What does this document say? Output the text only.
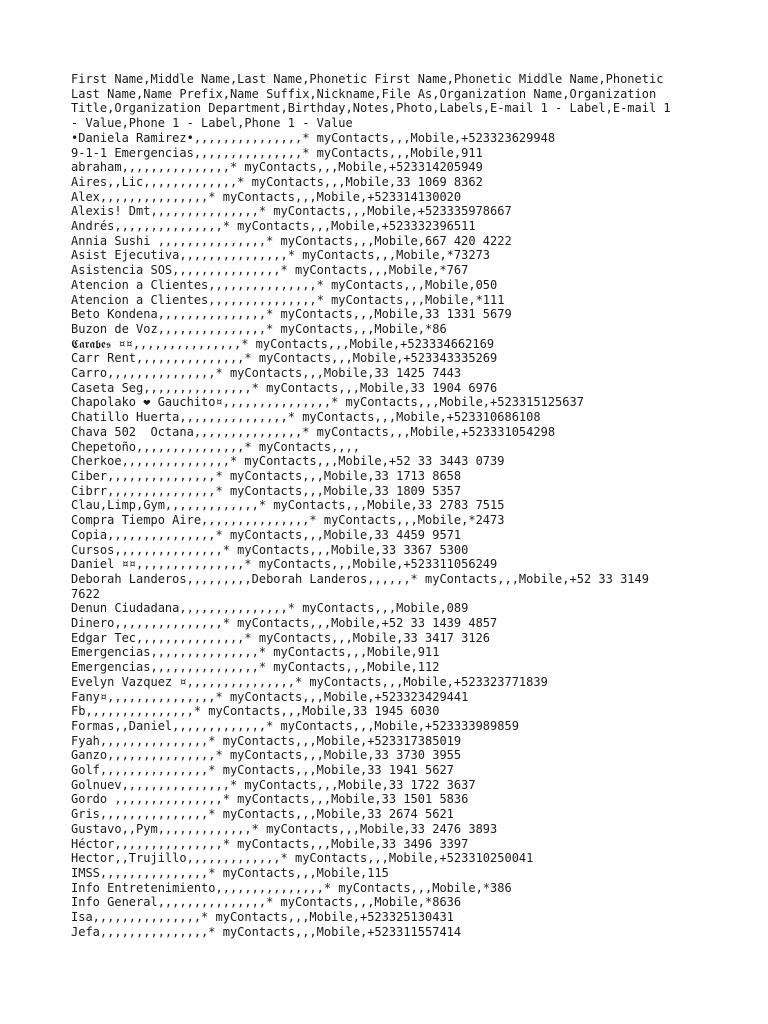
First Name,Middle Name,Last Name,Phonetic First Name,Phonetic Middle Name,Phonetic
Last Name,Name Prefix,Name Suffix,Nickname,File As,Organization Name,Organization
Title,Organization Department,Birthday,Notes,Photo,Labels,E-mail 1 - Label,E-mail 1
- Value,Phone 1 - Label,Phone 1 - Value
•Daniela Ramirez•,,,,,,,,,,,,,,,* myContacts,,,Mobile,+523323629948
9-1-1 Emergencias,,,,,,,,,,,,,,,* myContacts,,,Mobile,911
abraham,,,,,,,,,,,,,,,* myContacts,,,Mobile,+523314205949
Aires,,Lic,,,,,,,,,,,,,* myContacts,,,Mobile,33 1069 8362
Alex,,,,,,,,,,,,,,,* myContacts,,,Mobile,+523314130020
Alexis! Dmt,,,,,,,,,,,,,,,* myContacts,,,Mobile,+523335978667
Andrés,,,,,,,,,,,,,,,* myContacts,,,Mobile,+523332396511
Annia Sushi ,,,,,,,,,,,,,,,* myContacts,,,Mobile,667 420 4222
Asist Ejecutiva,,,,,,,,,,,,,,,* myContacts,,,Mobile,*73273
Asistencia SOS,,,,,,,,,,,,,,,* myContacts,,,Mobile,*767
Atencion a Clientes,,,,,,,,,,,,,,,* myContacts,,,Mobile,050
Atencion a Clientes,,,,,,,,,,,,,,,* myContacts,,,Mobile,*111
Beto Kondena,,,,,,,,,,,,,,,* myContacts,,,Mobile,33 1331 5679
Buzon de Voz,,,,,,,,,,,,,,,* myContacts,,,Mobile,*86
𝕮𝖆𝖗𝖆𝖇𝖊𝖘 ¤¤,,,,,,,,,,,,,,,* myContacts,,,Mobile,+523334662169
Carr Rent,,,,,,,,,,,,,,,* myContacts,,,Mobile,+523343335269
Carro,,,,,,,,,,,,,,,* myContacts,,,Mobile,33 1425 7443
Caseta Seg,,,,,,,,,,,,,,,* myContacts,,,Mobile,33 1904 6976
Chapolako ❤ Gauchito¤,,,,,,,,,,,,,,,* myContacts,,,Mobile,+523315125637
Chatillo Huerta,,,,,,,,,,,,,,,* myContacts,,,Mobile,+523310686108
Chava 502  Octana,,,,,,,,,,,,,,,* myContacts,,,Mobile,+523331054298
Chepetoño,,,,,,,,,,,,,,,* myContacts,,,,
Cherkoe,,,,,,,,,,,,,,,* myContacts,,,Mobile,+52 33 3443 0739
Ciber,,,,,,,,,,,,,,,* myContacts,,,Mobile,33 1713 8658
Cibrr,,,,,,,,,,,,,,,* myContacts,,,Mobile,33 1809 5357
Clau,Limp,Gym,,,,,,,,,,,,,* myContacts,,,Mobile,33 2783 7515
Compra Tiempo Aire,,,,,,,,,,,,,,,* myContacts,,,Mobile,*2473
Copia,,,,,,,,,,,,,,,* myContacts,,,Mobile,33 4459 9571
Cursos,,,,,,,,,,,,,,,* myContacts,,,Mobile,33 3367 5300
Daniel ¤¤,,,,,,,,,,,,,,,* myContacts,,,Mobile,+523311056249
Deborah Landeros,,,,,,,,,Deborah Landeros,,,,,,* myContacts,,,Mobile,+52 33 3149
7622
Denun Ciudadana,,,,,,,,,,,,,,,* myContacts,,,Mobile,089
Dinero,,,,,,,,,,,,,,,* myContacts,,,Mobile,+52 33 1439 4857
Edgar Tec,,,,,,,,,,,,,,,* myContacts,,,Mobile,33 3417 3126
Emergencias,,,,,,,,,,,,,,,* myContacts,,,Mobile,911
Emergencias,,,,,,,,,,,,,,,* myContacts,,,Mobile,112
Evelyn Vazquez ¤,,,,,,,,,,,,,,,* myContacts,,,Mobile,+523323771839
Fany¤,,,,,,,,,,,,,,,* myContacts,,,Mobile,+523323429441
Fb,,,,,,,,,,,,,,,* myContacts,,,Mobile,33 1945 6030
Formas,,Daniel,,,,,,,,,,,,,* myContacts,,,Mobile,+523333989859
Fyah,,,,,,,,,,,,,,,* myContacts,,,Mobile,+523317385019
Ganzo,,,,,,,,,,,,,,,* myContacts,,,Mobile,33 3730 3955
Golf,,,,,,,,,,,,,,,* myContacts,,,Mobile,33 1941 5627
Golnuev,,,,,,,,,,,,,,,* myContacts,,,Mobile,33 1722 3637
Gordo ,,,,,,,,,,,,,,,* myContacts,,,Mobile,33 1501 5836
Gris,,,,,,,,,,,,,,,* myContacts,,,Mobile,33 2674 5621
Gustavo,,Pym,,,,,,,,,,,,,* myContacts,,,Mobile,33 2476 3893
Héctor,,,,,,,,,,,,,,,* myContacts,,,Mobile,33 3496 3397
Hector,,Trujillo,,,,,,,,,,,,,* myContacts,,,Mobile,+523310250041
IMSS,,,,,,,,,,,,,,,* myContacts,,,Mobile,115
Info Entretenimiento,,,,,,,,,,,,,,,* myContacts,,,Mobile,*386
Info General,,,,,,,,,,,,,,,* myContacts,,,Mobile,*8636
Isa,,,,,,,,,,,,,,,* myContacts,,,Mobile,+523325130431
Jefa,,,,,,,,,,,,,,,* myContacts,,,Mobile,+523311557414
